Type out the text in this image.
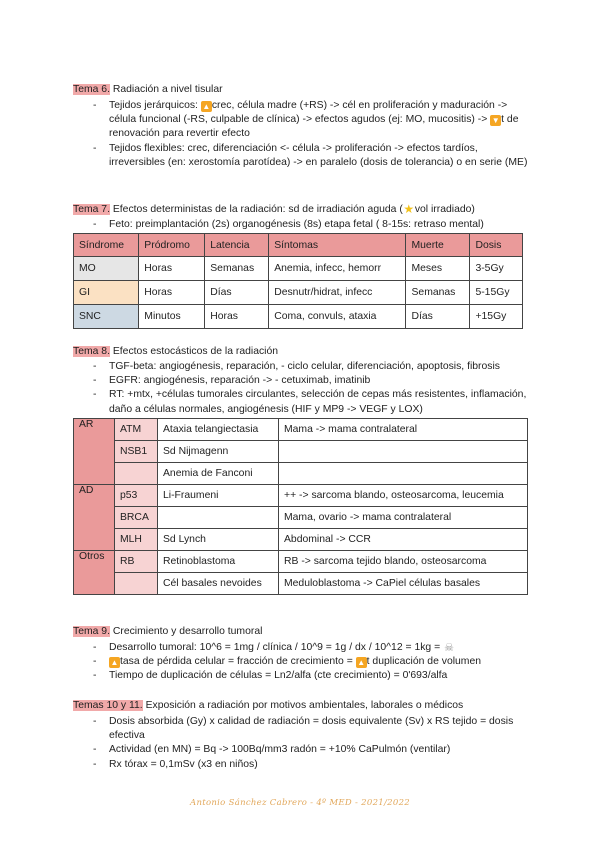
Tema 6. Radiación a nivel tisular
- Tejidos jerárquicos: ▲ crec, célula madre (+RS) -> cél en proliferación y maduración -> célula funcional (-RS, culpable de clínica) -> efectos agudos (ej: MO, mucositis) -> ▼ t de renovación para revertir efecto
- Tejidos flexibles: crec, diferenciación <- célula -> proliferación -> efectos tardíos, irreversibles (en: xerostomía parotídea) -> en paralelo (dosis de tolerancia) o en serie (ME)
Tema 7. Efectos deterministas de la radiación: sd de irradiación aguda (★vol irradiado)
- Feto: preimplantación (2s) organogénesis (8s) etapa fetal ( 8-15s: retraso mental)
Síndrome	Pródromo	Latencia	Síntomas	Muerte	Dosis
MO	Horas	Semanas	Anemia, infecc, hemorr	Meses	3-5Gy
GI	Horas	Días	Desnutr/hidrat, infecc	Semanas	5-15Gy
SNC	Minutos	Horas	Coma, convuls, ataxia	Días	+15Gy
Tema 8. Efectos estocásticos de la radiación
- TGF-beta: angiogénesis, reparación, - ciclo celular, diferenciación, apoptosis, fibrosis
- EGFR: angiogénesis, reparación -> - cetuximab, imatinib
- RT: +mtx, +células tumorales circulantes, selección de cepas más resistentes, inflamación, daño a células normales, angiogénesis (HIF y MP9 -> VEGF y LOX)
AR	ATM	Ataxia telangiectasia	Mama -> mama contralateral
	NSB1	Sd Nijmagenn	
		Anemia de Fanconi	
AD	p53	Li-Fraumeni	++ -> sarcoma blando, osteosarcoma, leucemia
	BRCA		Mama, ovario -> mama contralateral
	MLH	Sd Lynch	Abdominal -> CCR
Otros	RB	Retinoblastoma	RB -> sarcoma tejido blando, osteosarcoma
		Cél basales nevoides	Meduloblastoma -> CaPiel células basales
Tema 9. Crecimiento y desarrollo tumoral
- Desarrollo tumoral: 10^6 = 1mg / clínica / 10^9 = 1g / dx / 10^12 = 1kg = ☠
- ▲ tasa de pérdida celular = fracción de crecimiento = ▲ t duplicación de volumen
- Tiempo de duplicación de células = Ln2/alfa (cte crecimiento) = 0'693/alfa
Temas 10 y 11. Exposición a radiación por motivos ambientales, laborales o médicos
- Dosis absorbida (Gy) x calidad de radiación = dosis equivalente (Sv) x RS tejido = dosis efectiva
- Actividad (en MN) = Bq -> 100Bq/mm3 radón = +10% CaPulmón (ventilar)
- Rx tórax = 0,1mSv (x3 en niños)
Antonio Sánchez Cabrero - 4º MED - 2021/2022
